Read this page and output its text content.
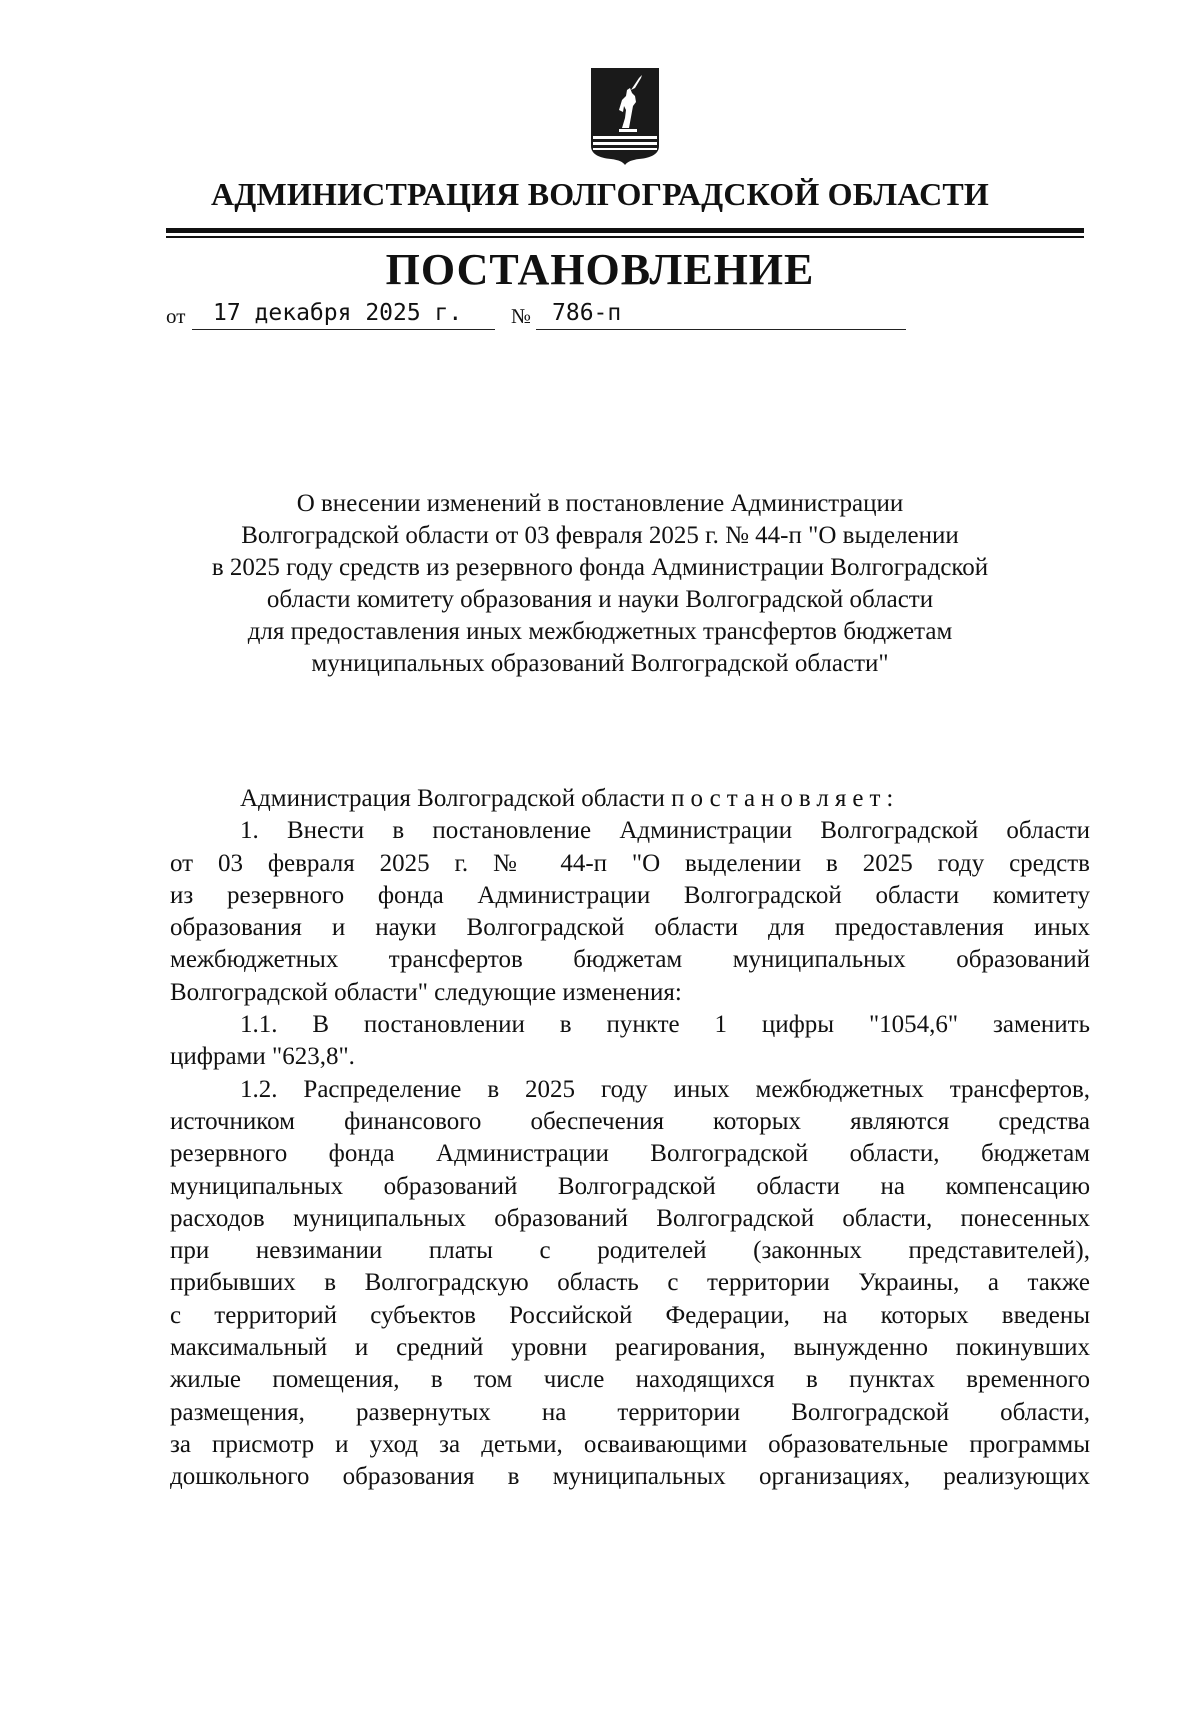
АДМИНИСТРАЦИЯ ВОЛГОГРАДСКОЙ ОБЛАСТИ
ПОСТАНОВЛЕНИЕ
от 17 декабря 2025 г. № 786-п
О внесении изменений в постановление Администрации
Волгоградской области от 03 февраля 2025 г. № 44-п "О выделении
в 2025 году средств из резервного фонда Администрации Волгоградской
области комитету образования и науки Волгоградской области
для предоставления иных межбюджетных трансфертов бюджетам
муниципальных образований Волгоградской области"
Администрация Волгоградской области постановляет:
1. Внести в постановление Администрации Волгоградской области
от 03 февраля 2025 г. № 44-п "О выделении в 2025 году средств
из резервного фонда Администрации Волгоградской области комитету
образования и науки Волгоградской области для предоставления иных
межбюджетных трансфертов бюджетам муниципальных образований
Волгоградской области" следующие изменения:
1.1. В постановлении в пункте 1 цифры "1054,6" заменить
цифрами "623,8".
1.2. Распределение в 2025 году иных межбюджетных трансфертов,
источником финансового обеспечения которых являются средства
резервного фонда Администрации Волгоградской области, бюджетам
муниципальных образований Волгоградской области на компенсацию
расходов муниципальных образований Волгоградской области, понесенных
при невзимании платы с родителей (законных представителей),
прибывших в Волгоградскую область с территории Украины, а также
с территорий субъектов Российской Федерации, на которых введены
максимальный и средний уровни реагирования, вынужденно покинувших
жилые помещения, в том числе находящихся в пунктах временного
размещения, развернутых на территории Волгоградской области,
за присмотр и уход за детьми, осваивающими образовательные программы
дошкольного образования в муниципальных организациях, реализующих
